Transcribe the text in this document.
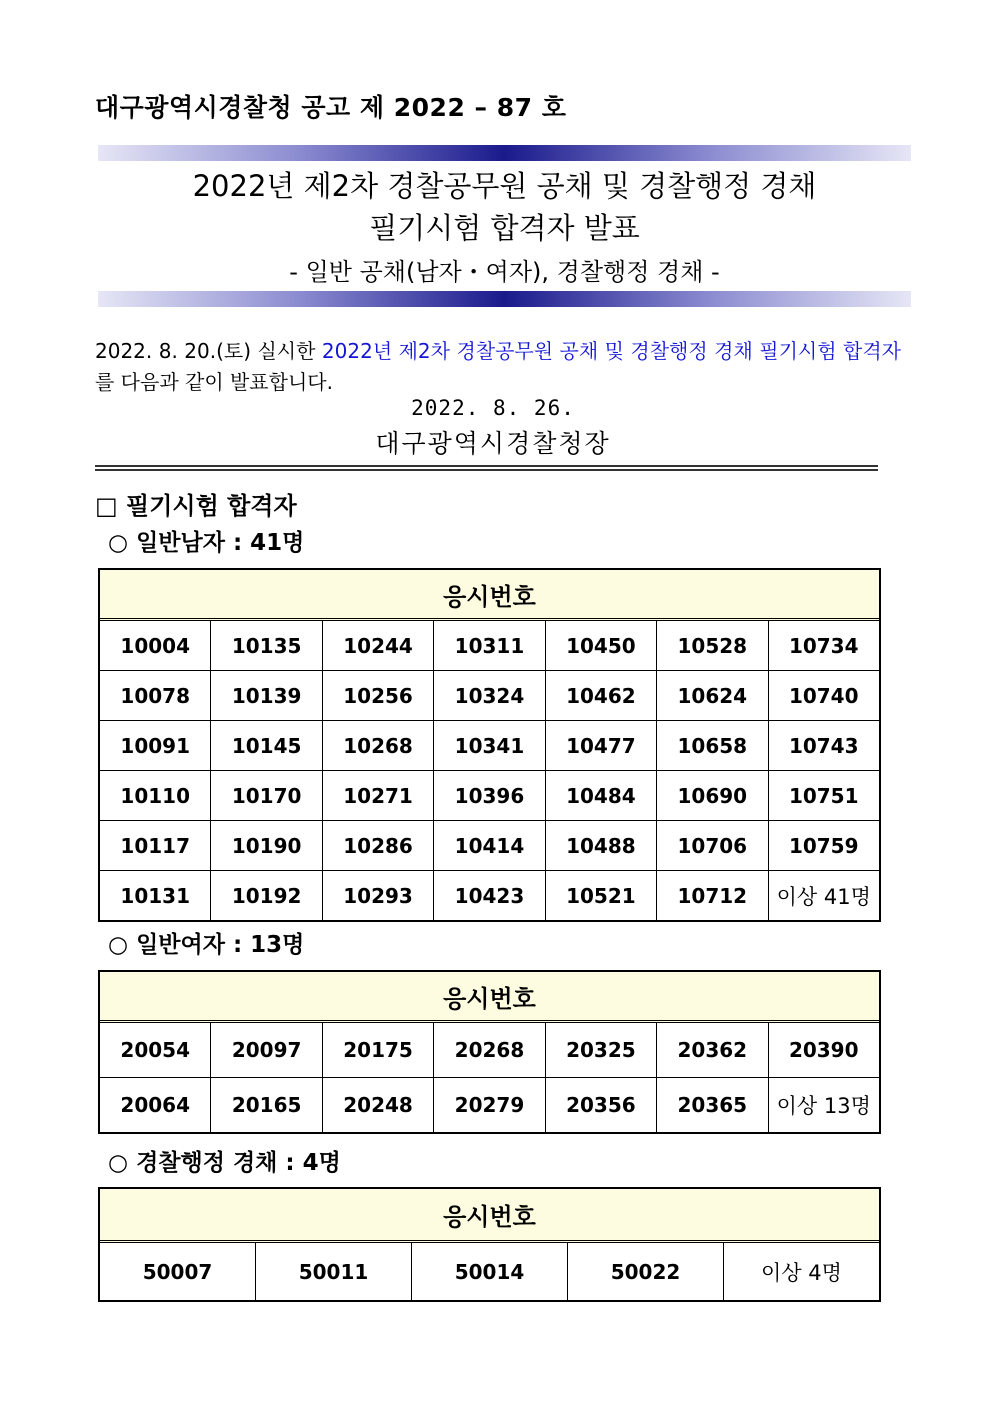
대구광역시경찰청 공고 제 2022 – 87 호
2022년 제2차 경찰공무원 공채 및 경찰행정 경채
필기시험 합격자 발표
- 일반 공채(남자・여자), 경찰행정 경채 -
2022. 8. 20.(토) 실시한 2022년 제2차 경찰공무원 공채 및 경찰행정 경채 필기시험 합격자를 다음과 같이 발표합니다.
2022. 8. 26.
대구광역시경찰청장
□ 필기시험 합격자
○ 일반남자 : 41명
응시번호
10004	10135	10244	10311	10450	10528	10734
10078	10139	10256	10324	10462	10624	10740
10091	10145	10268	10341	10477	10658	10743
10110	10170	10271	10396	10484	10690	10751
10117	10190	10286	10414	10488	10706	10759
10131	10192	10293	10423	10521	10712	이상 41명
○ 일반여자 : 13명
응시번호
20054	20097	20175	20268	20325	20362	20390
20064	20165	20248	20279	20356	20365	이상 13명
○ 경찰행정 경채 : 4명
응시번호
50007	50011	50014	50022	이상 4명
